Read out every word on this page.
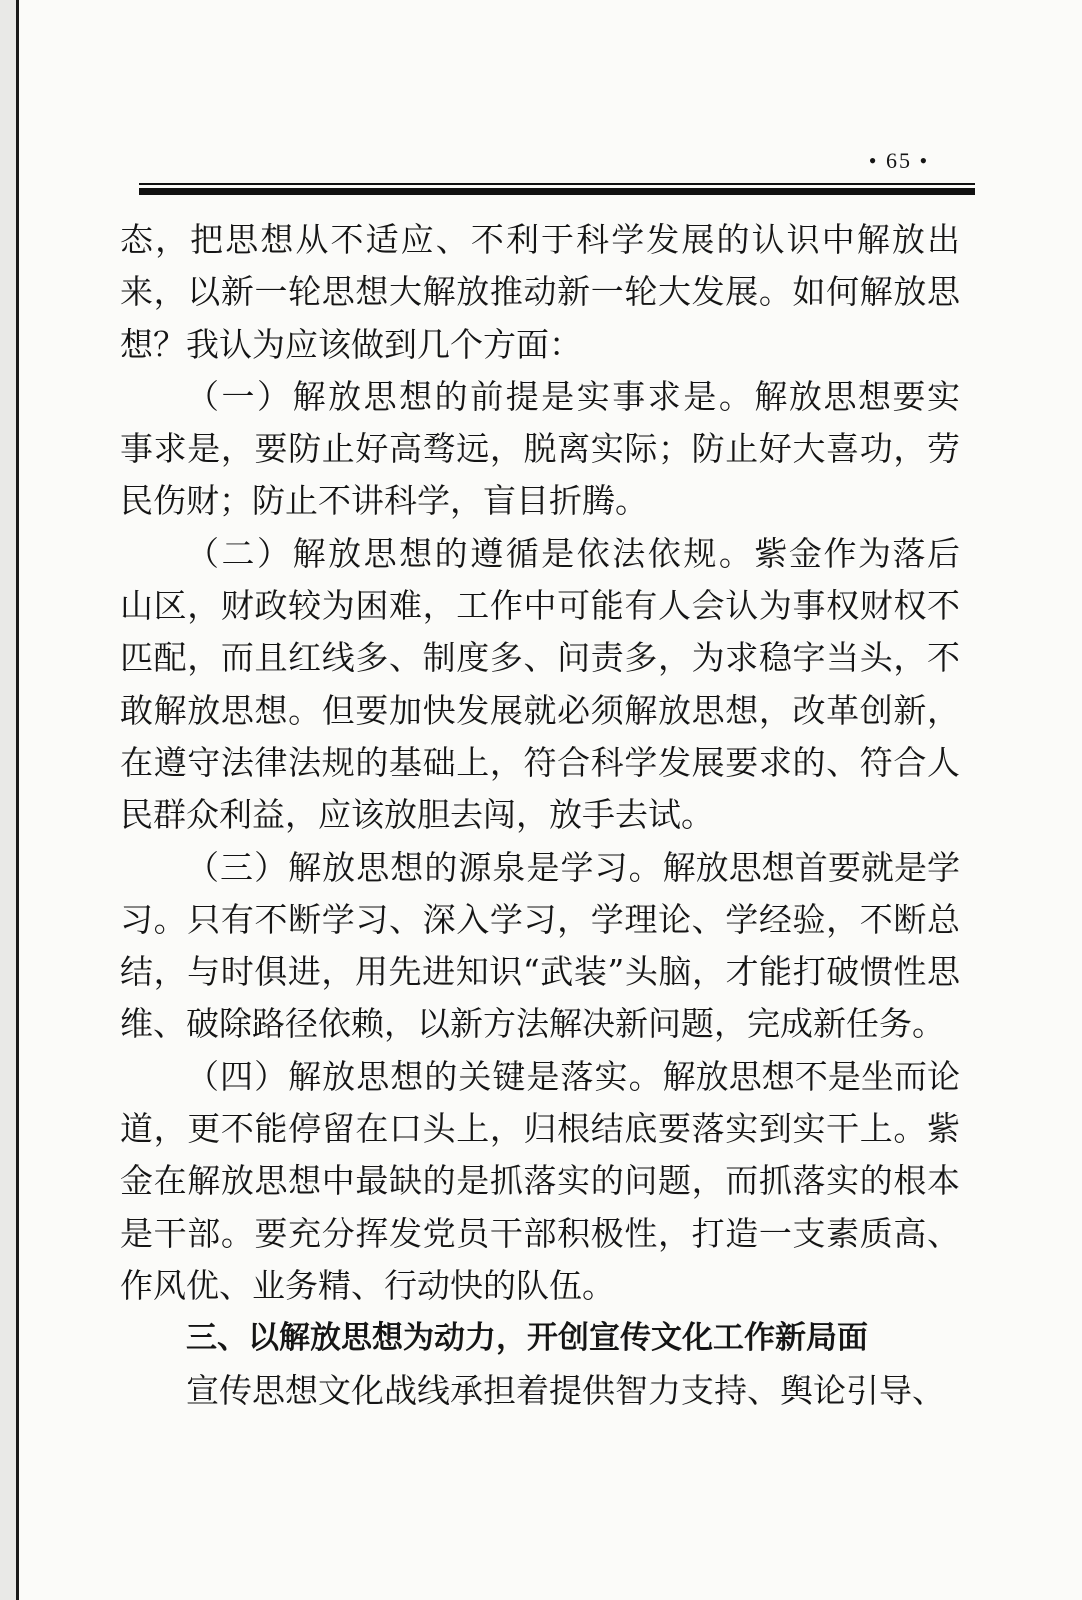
• 65 •

态，把思想从不适应、不利于科学发展的认识中解放出来，以新一轮思想大解放推动新一轮大发展。如何解放思想？我认为应该做到几个方面：

（一）解放思想的前提是实事求是。解放思想要实事求是，要防止好高骛远，脱离实际；防止好大喜功，劳民伤财；防止不讲科学，盲目折腾。

（二）解放思想的遵循是依法依规。紫金作为落后山区，财政较为困难，工作中可能有人会认为事权财权不匹配，而且红线多、制度多、问责多，为求稳字当头，不敢解放思想。但要加快发展就必须解放思想，改革创新，在遵守法律法规的基础上，符合科学发展要求的、符合人民群众利益，应该放胆去闯，放手去试。

（三）解放思想的源泉是学习。解放思想首要就是学习。只有不断学习、深入学习，学理论、学经验，不断总结，与时俱进，用先进知识“武装”头脑，才能打破惯性思维、破除路径依赖，以新方法解决新问题，完成新任务。

（四）解放思想的关键是落实。解放思想不是坐而论道，更不能停留在口头上，归根结底要落实到实干上。紫金在解放思想中最缺的是抓落实的问题，而抓落实的根本是干部。要充分挥发党员干部积极性，打造一支素质高、作风优、业务精、行动快的队伍。

三、以解放思想为动力，开创宣传文化工作新局面

宣传思想文化战线承担着提供智力支持、舆论引导、
